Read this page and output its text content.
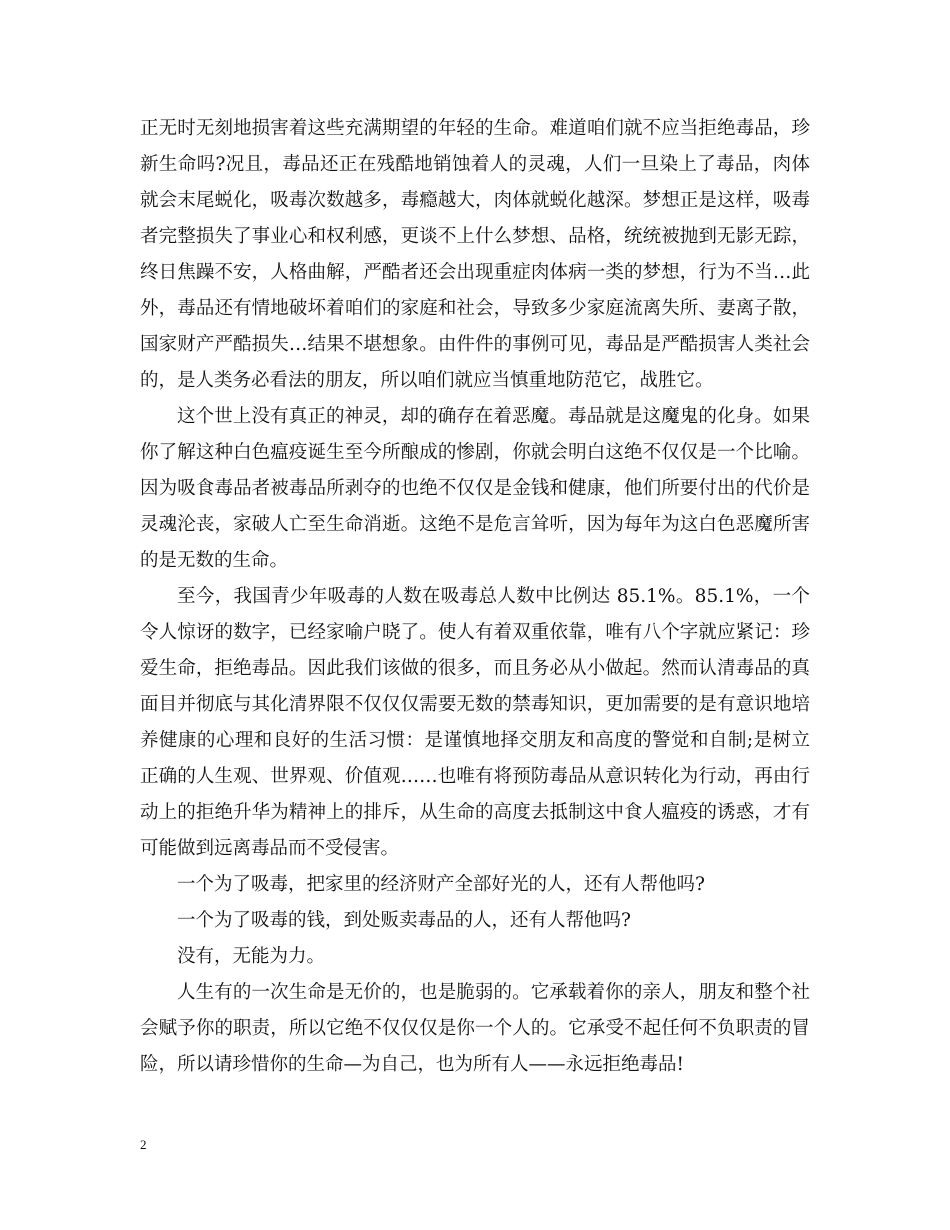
正无时无刻地损害着这些充满期望的年轻的生命。难道咱们就不应当拒绝毒品，珍新生命吗?况且，毒品还正在残酷地销蚀着人的灵魂，人们一旦染上了毒品，肉体就会末尾蜕化，吸毒次数越多，毒瘾越大，肉体就蜕化越深。梦想正是这样，吸毒者完整损失了事业心和权利感，更谈不上什么梦想、品格，统统被抛到无影无踪，终日焦躁不安，人格曲解，严酷者还会出现重症肉体病一类的梦想，行为不当…此外，毒品还有情地破坏着咱们的家庭和社会，导致多少家庭流离失所、妻离子散，国家财产严酷损失…结果不堪想象。由件件的事例可见，毒品是严酷损害人类社会的，是人类务必看法的朋友，所以咱们就应当慎重地防范它，战胜它。

这个世上没有真正的神灵，却的确存在着恶魔。毒品就是这魔鬼的化身。如果你了解这种白色瘟疫诞生至今所酿成的惨剧，你就会明白这绝不仅仅是一个比喻。因为吸食毒品者被毒品所剥夺的也绝不仅仅是金钱和健康，他们所要付出的代价是灵魂沦丧，家破人亡至生命消逝。这绝不是危言耸听，因为每年为这白色恶魔所害的是无数的生命。

至今，我国青少年吸毒的人数在吸毒总人数中比例达 85.1%。85.1%，一个令人惊讶的数字，已经家喻户晓了。使人有着双重依靠，唯有八个字就应紧记：珍爱生命，拒绝毒品。因此我们该做的很多，而且务必从小做起。然而认清毒品的真面目并彻底与其化清界限不仅仅仅需要无数的禁毒知识，更加需要的是有意识地培养健康的心理和良好的生活习惯：是谨慎地择交朋友和高度的警觉和自制;是树立正确的人生观、世界观、价值观……也唯有将预防毒品从意识转化为行动，再由行动上的拒绝升华为精神上的排斥，从生命的高度去抵制这中食人瘟疫的诱惑，才有可能做到远离毒品而不受侵害。

一个为了吸毒，把家里的经济财产全部好光的人，还有人帮他吗?

一个为了吸毒的钱，到处贩卖毒品的人，还有人帮他吗?

没有，无能为力。

人生有的一次生命是无价的，也是脆弱的。它承载着你的亲人，朋友和整个社会赋予你的职责，所以它绝不仅仅仅是你一个人的。它承受不起任何不负职责的冒险，所以请珍惜你的生命—为自己，也为所有人——永远拒绝毒品!

2
